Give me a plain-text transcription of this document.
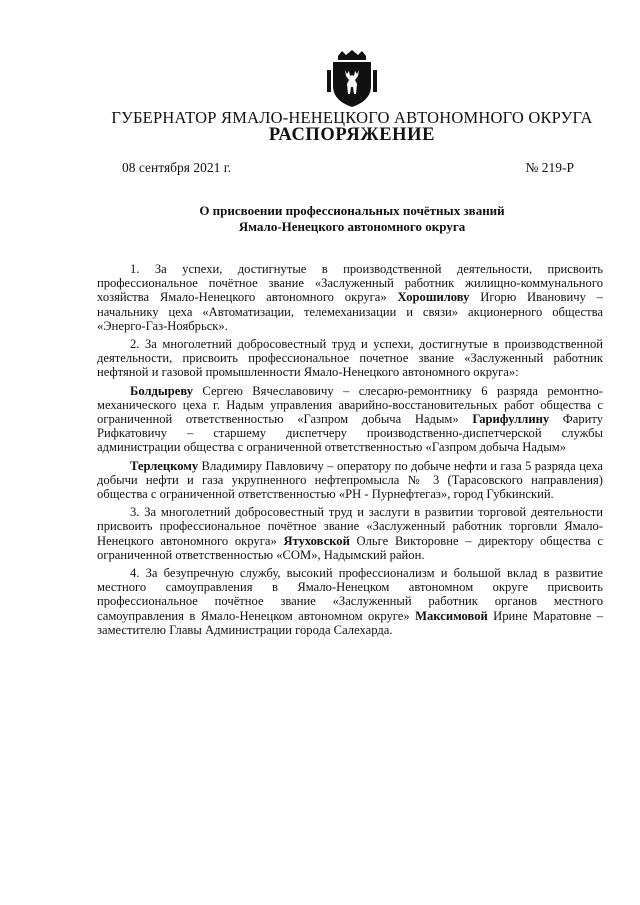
ГУБЕРНАТОР ЯМАЛО-НЕНЕЦКОГО АВТОНОМНОГО ОКРУГА
РАСПОРЯЖЕНИЕ
08 сентября 2021 г.	№ 219-Р
О присвоении профессиональных почётных званий
Ямало-Ненецкого автономного округа

1. За успехи, достигнутые в производственной деятельности, присвоить профессиональное почётное звание «Заслуженный работник жилищно-коммунального хозяйства Ямало-Ненецкого автономного округа» Хорошилову Игорю Ивановичу – начальнику цеха «Автоматизации, телемеханизации и связи» акционерного общества «Энерго-Газ-Ноябрьск».

2. За многолетний добросовестный труд и успехи, достигнутые в производственной деятельности, присвоить профессиональное почетное звание «Заслуженный работник нефтяной и газовой промышленности Ямало-Ненецкого автономного округа»:

Болдыреву Сергею Вячеславовичу – слесарю-ремонтнику 6 разряда ремонтно-механического цеха г. Надым управления аварийно-восстановительных работ общества с ограниченной ответственностью «Газпром добыча Надым» Гарифуллину Фариту Рифкатовичу – старшему диспетчеру производственно-диспетчерской службы администрации общества с ограниченной ответственностью «Газпром добыча Надым»

Терлецкому Владимиру Павловичу – оператору по добыче нефти и газа 5 разряда цеха добычи нефти и газа укрупненного нефтепромысла № 3 (Тарасовского направления) общества с ограниченной ответственностью «РН - Пурнефтегаз», город Губкинский.

3. За многолетний добросовестный труд и заслуги в развитии торговой деятельности присвоить профессиональное почётное звание «Заслуженный работник торговли Ямало-Ненецкого автономного округа» Ятуховской Ольге Викторовне – директору общества с ограниченной ответственностью «СОМ», Надымский район.

4. За безупречную службу, высокий профессионализм и большой вклад в развитие местного самоуправления в Ямало-Ненецком автономном округе присвоить профессиональное почётное звание «Заслуженный работник органов местного самоуправления в Ямало-Ненецком автономном округе» Максимовой Ирине Маратовне – заместителю Главы Администрации города Салехарда.
